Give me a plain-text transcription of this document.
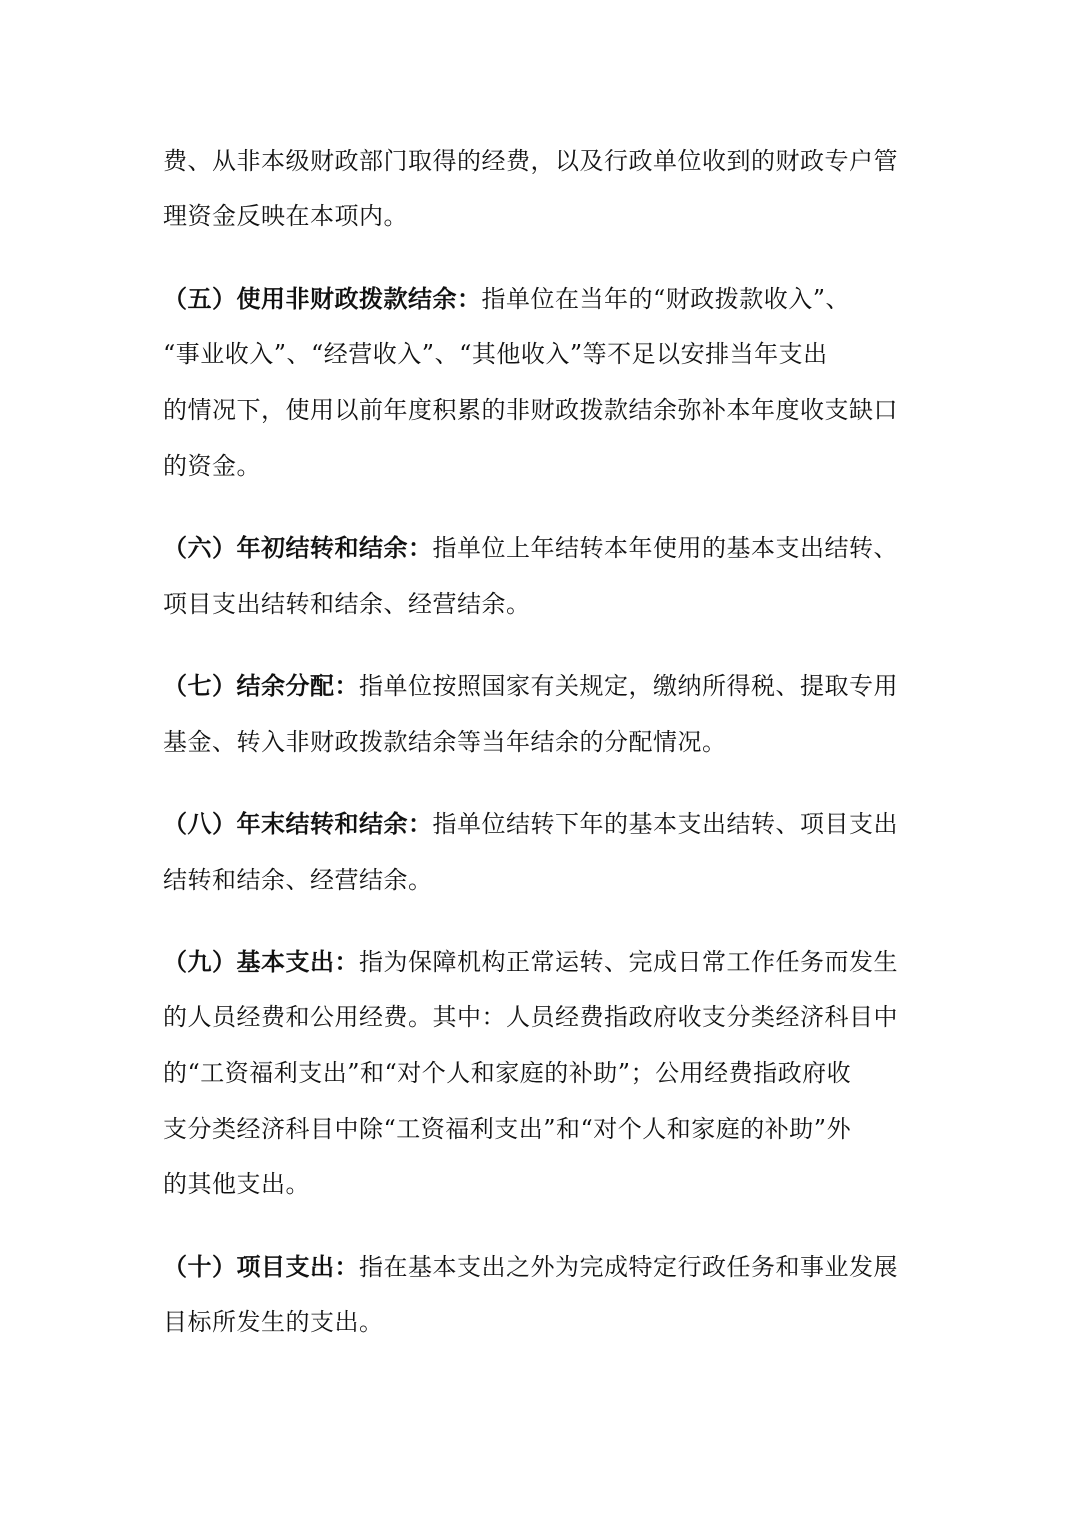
费、从非本级财政部门取得的经费，以及行政单位收到的财政专户管
理资金反映在本项内。
（五）使用非财政拨款结余：指单位在当年的“财政拨款收入”、
“事业收入”、“经营收入”、“其他收入”等不足以安排当年支出
的情况下，使用以前年度积累的非财政拨款结余弥补本年度收支缺口
的资金。
（六）年初结转和结余：指单位上年结转本年使用的基本支出结转、
项目支出结转和结余、经营结余。
（七）结余分配：指单位按照国家有关规定，缴纳所得税、提取专用
基金、转入非财政拨款结余等当年结余的分配情况。
（八）年末结转和结余：指单位结转下年的基本支出结转、项目支出
结转和结余、经营结余。
（九）基本支出：指为保障机构正常运转、完成日常工作任务而发生
的人员经费和公用经费。其中：人员经费指政府收支分类经济科目中
的“工资福利支出”和“对个人和家庭的补助”；公用经费指政府收
支分类经济科目中除“工资福利支出”和“对个人和家庭的补助”外
的其他支出。
（十）项目支出：指在基本支出之外为完成特定行政任务和事业发展
目标所发生的支出。
